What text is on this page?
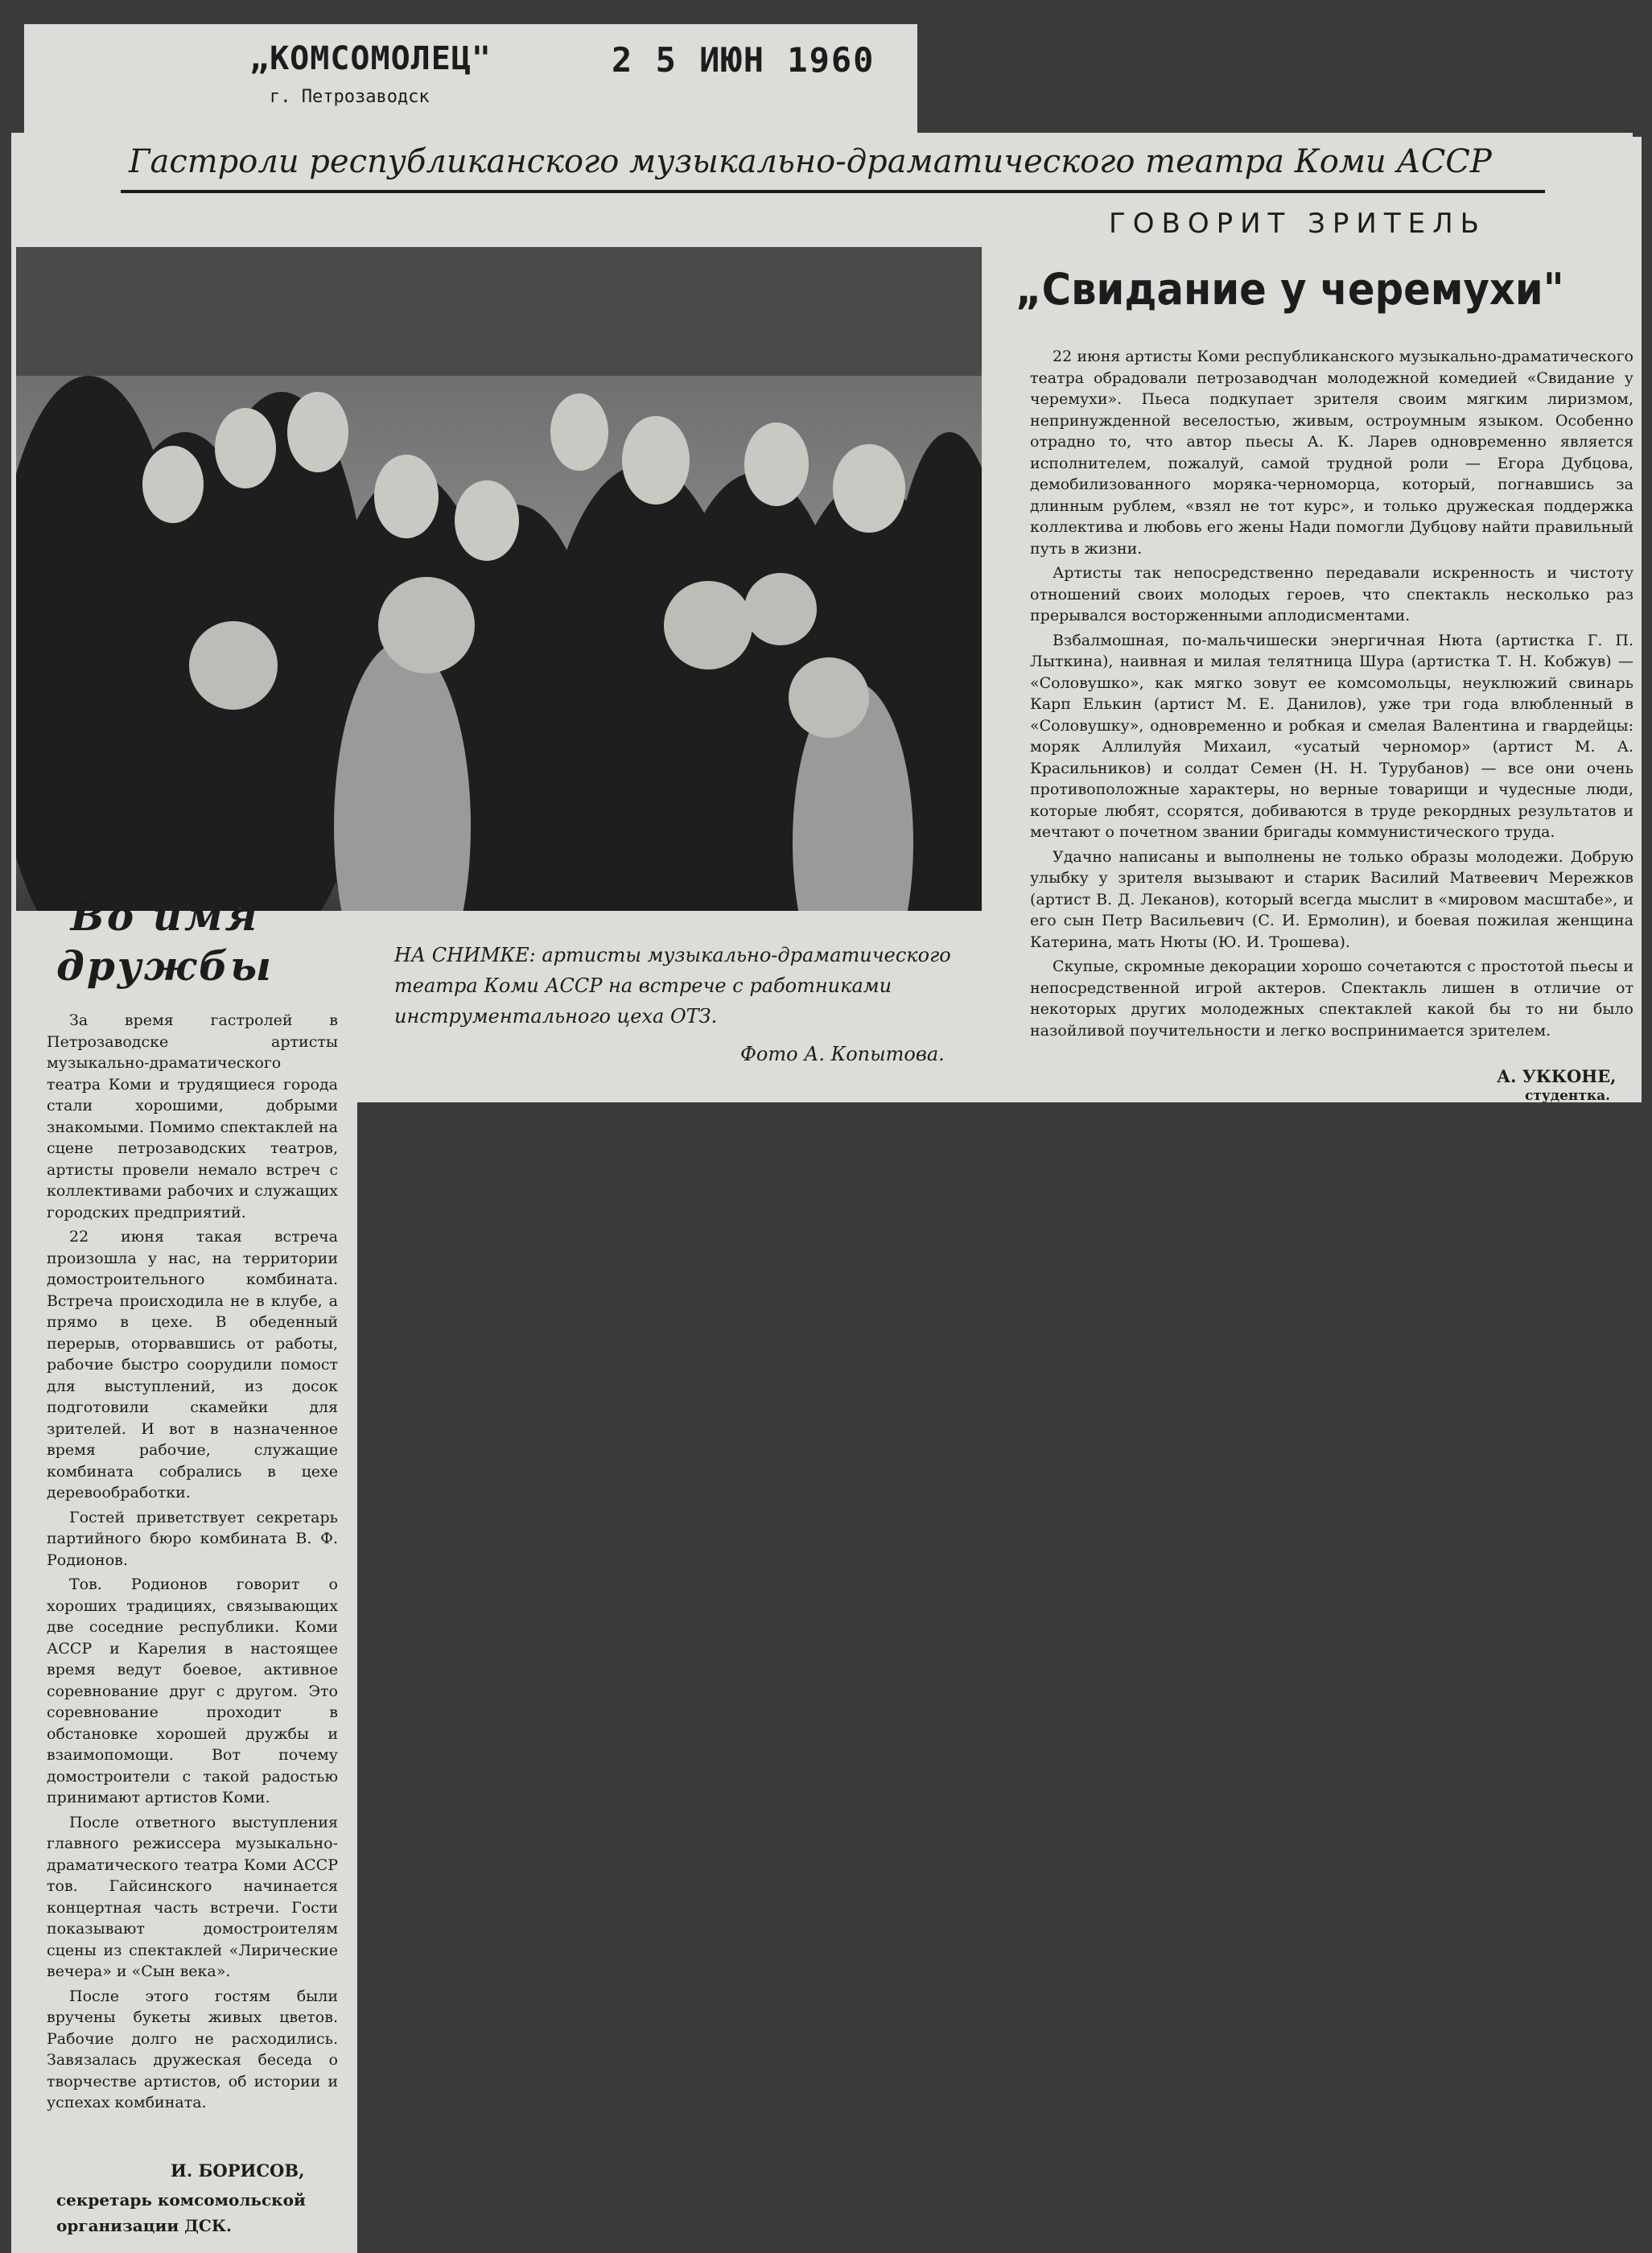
„КОМСОМОЛЕЦ"
г. Петрозаводск
2 5 ИЮН 1960
Гастроли республиканского музыкально-драматического театра Коми АССР
ГОВОРИТ ЗРИТЕЛЬ
„Свидание у черемухи"

22 июня артисты Коми республиканского музыкально-драматического театра обрадовали петрозаводчан молодежной комедией «Свидание у черемухи». Пьеса подкупает зрителя своим мягким лиризмом, непринужденной веселостью, живым, остроумным языком. Особенно отрадно то, что автор пьесы А. К. Ларев одновременно является исполнителем, пожалуй, самой трудной роли — Егора Дубцова, демобилизованного моряка-черноморца, который, погнавшись за длинным рублем, «взял не тот курс», и только дружеская поддержка коллектива и любовь его жены Нади помогли Дубцову найти правильный путь в жизни.

Артисты так непосредственно передавали искренность и чистоту отношений своих молодых героев, что спектакль несколько раз прерывался восторженными аплодисментами.

Взбалмошная, по-мальчишески энергичная Нюта (артистка Г. П. Лыткина), наивная и милая телятница Шура (артистка Т. Н. Кобжув) — «Соловушко», как мягко зовут ее комсомольцы, неуклюжий свинарь Карп Елькин (артист М. Е. Данилов), уже три года влюбленный в «Соловушку», одновременно и робкая и смелая Валентина и гвардейцы: моряк Аллилуйя Михаил, «усатый черномор» (артист М. А. Красильников) и солдат Семен (Н. Н. Турубанов) — все они очень противоположные характеры, но верные товарищи и чудесные люди, которые любят, ссорятся, добиваются в труде рекордных результатов и мечтают о почетном звании бригады коммунистического труда.

Удачно написаны и выполнены не только образы молодежи. Добрую улыбку у зрителя вызывают и старик Василий Матвеевич Мережков (артист В. Д. Леканов), который всегда мыслит в «мировом масштабе», и его сын Петр Васильевич (С. И. Ермолин), и боевая пожилая женщина Катерина, мать Нюты (Ю. И. Трошева).

Скупые, скромные декорации хорошо сочетаются с простотой пьесы и непосредственной игрой актеров. Спектакль лишен в отличие от некоторых других молодежных спектаклей какой бы то ни было назойливой поучительности и легко воспринимается зрителем.

А. УККОНЕ,
студентка.
НА СНИМКЕ: артисты музыкально-драматического театра Коми АССР на встрече с работниками инструментального цеха ОТЗ.
Фото А. Копытова.
Во имя
дружбы

За время гастролей в Петрозаводске артисты музыкально-драматического театра Коми и трудящиеся города стали хорошими, добрыми знакомыми. Помимо спектаклей на сцене петрозаводских театров, артисты провели немало встреч с коллективами рабочих и служащих городских предприятий.

22 июня такая встреча произошла у нас, на территории домостроительного комбината. Встреча происходила не в клубе, а прямо в цехе. В обеденный перерыв, оторвавшись от работы, рабочие быстро соорудили помост для выступлений, из досок подготовили скамейки для зрителей. И вот в назначенное время рабочие, служащие комбината собрались в цехе деревообработки.

Гостей приветствует секретарь партийного бюро комбината В. Ф. Родионов.

Тов. Родионов говорит о хороших традициях, связывающих две соседние республики. Коми АССР и Карелия в настоящее время ведут боевое, активное соревнование друг с другом. Это соревнование проходит в обстановке хорошей дружбы и взаимопомощи. Вот почему домостроители с такой радостью принимают артистов Коми.

После ответного выступления главного режиссера музыкально-драматического театра Коми АССР тов. Гайсинского начинается концертная часть встречи. Гости показывают домостроителям сцены из спектаклей «Лирические вечера» и «Сын века».

После этого гостям были вручены букеты живых цветов. Рабочие долго не расходились. Завязалась дружеская беседа о творчестве артистов, об истории и успехах комбината.

И. БОРИСОВ,
секретарь комсомольской организации ДСК.
